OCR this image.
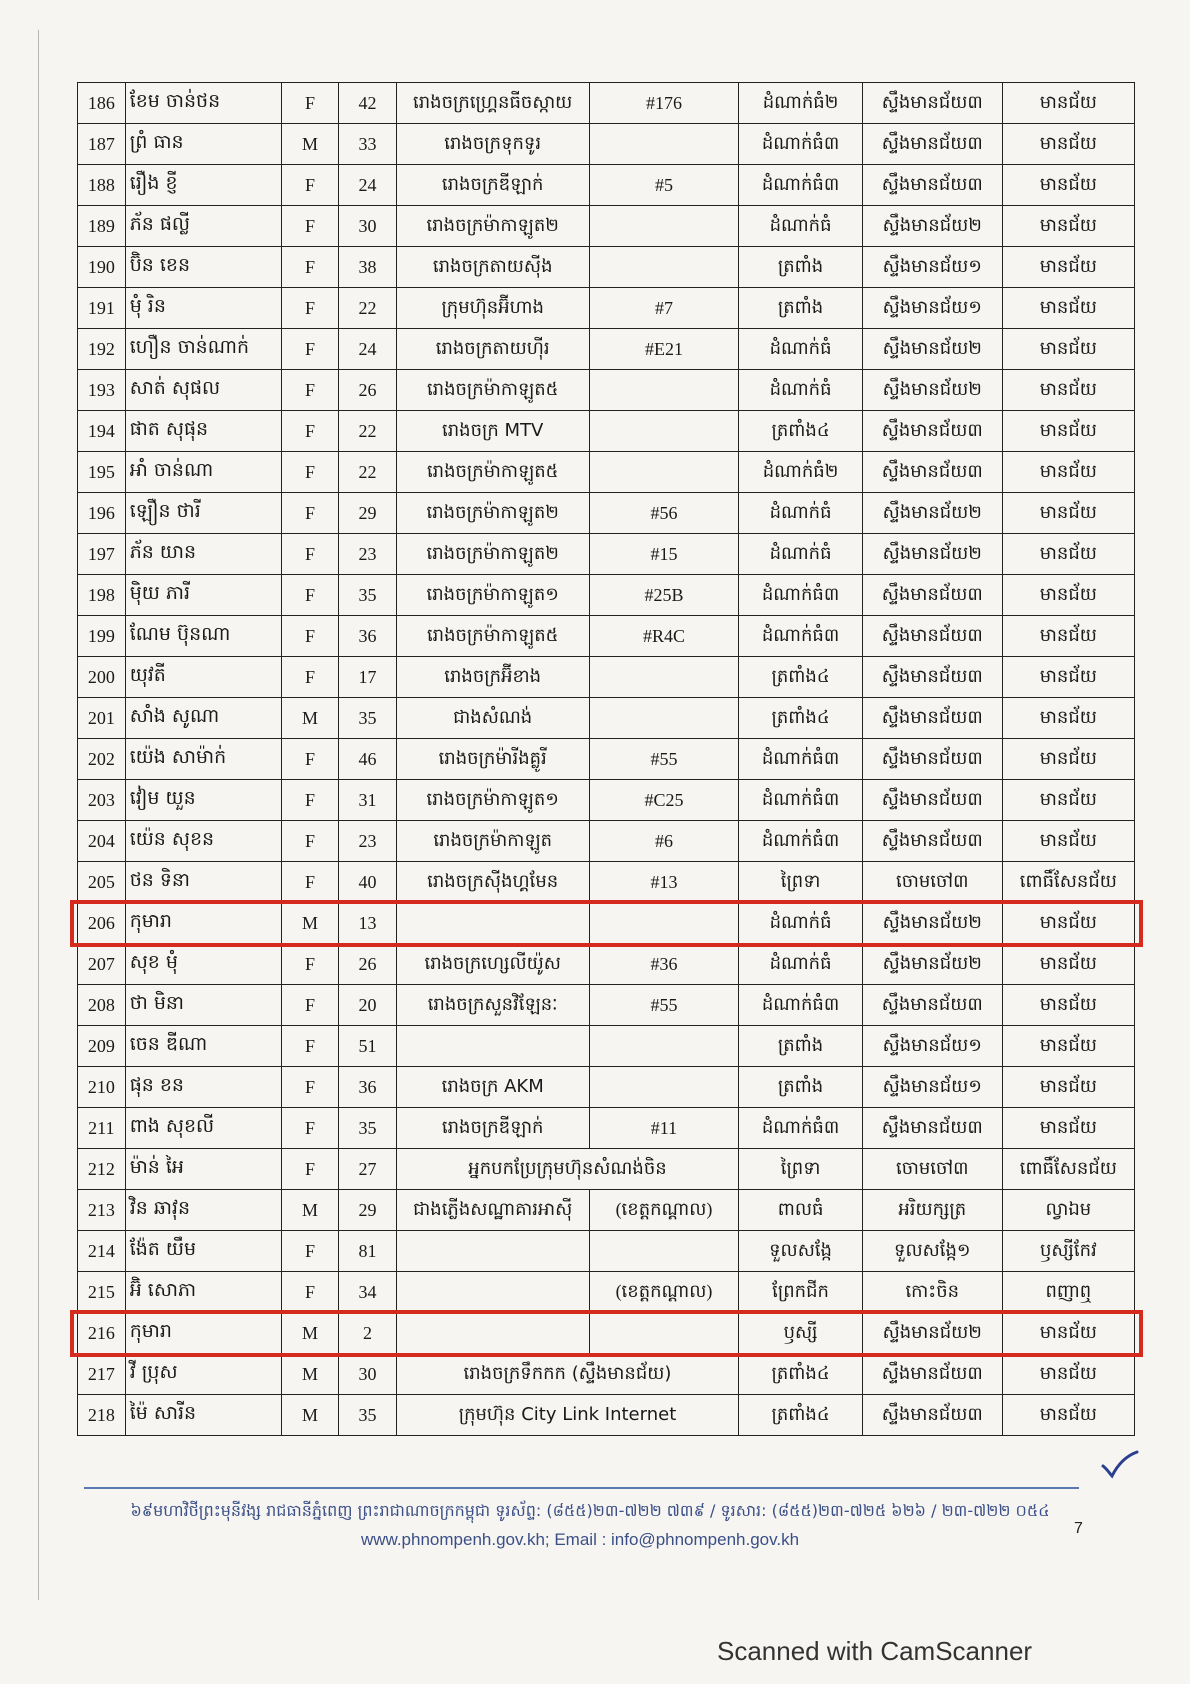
186	ខែម ចាន់ថន	F	42	រោងចក្រហ្គ្រេនធីចស្កាយ	#176	ដំណាក់ធំ២	ស្ទឹងមានជ័យ៣	មានជ័យ
187	ព្រំ ធាន	M	33	រោងចក្រទុកទូរ		ដំណាក់ធំ៣	ស្ទឹងមានជ័យ៣	មានជ័យ
188	រឿង ខ្ញី	F	24	រោងចក្រឌីឡាក់	#5	ដំណាក់ធំ៣	ស្ទឹងមានជ័យ៣	មានជ័យ
189	ភ័ន ផល្លី	F	30	រោងចក្រម៉ាកាឡូត២		ដំណាក់ធំ	ស្ទឹងមានជ័យ២	មានជ័យ
190	ប៊ិន ខេន	F	38	រោងចក្រតាយស៊ីង		ត្រពាំង	ស្ទឹងមានជ័យ១	មានជ័យ
191	មុំ រិន	F	22	ក្រុមហ៊ុនអ៊ីហាង	#7	ត្រពាំង	ស្ទឹងមានជ័យ១	មានជ័យ
192	ហឿន ចាន់ណាក់	F	24	រោងចក្រតាយហ៊ីរ	#E21	ដំណាក់ធំ	ស្ទឹងមានជ័យ២	មានជ័យ
193	សាត់ សុផល	F	26	រោងចក្រម៉ាកាឡូត៥		ដំណាក់ធំ	ស្ទឹងមានជ័យ២	មានជ័យ
194	ផាត សុផុន	F	22	រោងចក្រ MTV		ត្រពាំង៤	ស្ទឹងមានជ័យ៣	មានជ័យ
195	អាំ ចាន់ណា	F	22	រោងចក្រម៉ាកាឡូត៥		ដំណាក់ធំ២	ស្ទឹងមានជ័យ៣	មានជ័យ
196	ឡឿន ថារី	F	29	រោងចក្រម៉ាកាឡូត២	#56	ដំណាក់ធំ	ស្ទឹងមានជ័យ២	មានជ័យ
197	ភ័ន យាន	F	23	រោងចក្រម៉ាកាឡូត២	#15	ដំណាក់ធំ	ស្ទឹងមានជ័យ២	មានជ័យ
198	ម៉ិយ ភារី	F	35	រោងចក្រម៉ាកាឡូត១	#25B	ដំណាក់ធំ៣	ស្ទឹងមានជ័យ៣	មានជ័យ
199	ណែម ប៊ុនណា	F	36	រោងចក្រម៉ាកាឡូត៥	#R4C	ដំណាក់ធំ៣	ស្ទឹងមានជ័យ៣	មានជ័យ
200	យុវតី	F	17	រោងចក្រអ៊ីខាង		ត្រពាំង៤	ស្ទឹងមានជ័យ៣	មានជ័យ
201	សាំង សូណា	M	35	ជាងសំណង់		ត្រពាំង៤	ស្ទឹងមានជ័យ៣	មានជ័យ
202	យ៉េង សាម៉ាក់	F	46	រោងចក្រម៉ារីងគ្លូរី	#55	ដំណាក់ធំ៣	ស្ទឹងមានជ័យ៣	មានជ័យ
203	វៀម យួន	F	31	រោងចក្រម៉ាកាឡូត១	#C25	ដំណាក់ធំ៣	ស្ទឹងមានជ័យ៣	មានជ័យ
204	យ៉េន សុខន	F	23	រោងចក្រម៉ាកាឡូត	#6	ដំណាក់ធំ៣	ស្ទឹងមានជ័យ៣	មានជ័យ
205	ថន ទិនា	F	40	រោងចក្រស៊ីងហ្គមែន	#13	ព្រៃទា	ចោមចៅ៣	ពោធិ៍សែនជ័យ
206	កុមារា	M	13			ដំណាក់ធំ	ស្ទឹងមានជ័យ២	មានជ័យ
207	សុខ មុំ	F	26	រោងចក្រហ្សេលីយ៉ូស	#36	ដំណាក់ធំ	ស្ទឹងមានជ័យ២	មានជ័យ
208	ថា មិនា	F	20	រោងចក្រសួនវិឡែនៈ	#55	ដំណាក់ធំ៣	ស្ទឹងមានជ័យ៣	មានជ័យ
209	ចេន ឌីណា	F	51			ត្រពាំង	ស្ទឹងមានជ័យ១	មានជ័យ
210	ផុន ខន	F	36	រោងចក្រ AKM		ត្រពាំង	ស្ទឹងមានជ័យ១	មានជ័យ
211	ពាង សុខលី	F	35	រោងចក្រឌីឡាក់	#11	ដំណាក់ធំ៣	ស្ទឹងមានជ័យ៣	មានជ័យ
212	ម៉ាន់ អៃ	F	27	អ្នកបកប្រែក្រុមហ៊ុនសំណង់ចិន		ព្រៃទា	ចោមចៅ៣	ពោធិ៍សែនជ័យ
213	វិន ឆាវុន	M	29	ជាងភ្លើងសណ្ឋាគារអាស៊ី	(ខេត្តកណ្តាល)	ពាលធំ	អរិយក្សត្រ	ល្វាឯម
214	ង៉ែត យឹម	F	81			ទួលសង្កែ	ទួលសង្កែ១	ឫស្សីកែវ
215	អ៊ិ សោភា	F	34		(ខេត្តកណ្តាល)	ព្រែកជីក	កោះចិន	ពញាឮ
216	កុមារា	M	2			ឫស្សី	ស្ទឹងមានជ័យ២	មានជ័យ
217	វី ប្រុស	M	30	រោងចក្រទឹកកក (ស្ទឹងមានជ័យ)		ត្រពាំង៤	ស្ទឹងមានជ័យ៣	មានជ័យ
218	ម៉ៃ សារីន	M	35	ក្រុមហ៊ុន City Link Internet		ត្រពាំង៤	ស្ទឹងមានជ័យ៣	មានជ័យ
៦៩មហាវិថីព្រះមុនីវង្ស រាជធានីភ្នំពេញ ព្រះរាជាណាចក្រកម្ពុជា ទូរស័ព្ទ: (៨៥៥)២៣-៧២២ ៧៣៩ / ទូរសារ: (៨៥៥)២៣-៧២៥ ៦២៦ / ២៣-៧២២ ០៥៤
www.phnompenh.gov.kh; Email : info@phnompenh.gov.kh
7
Scanned with CamScanner
